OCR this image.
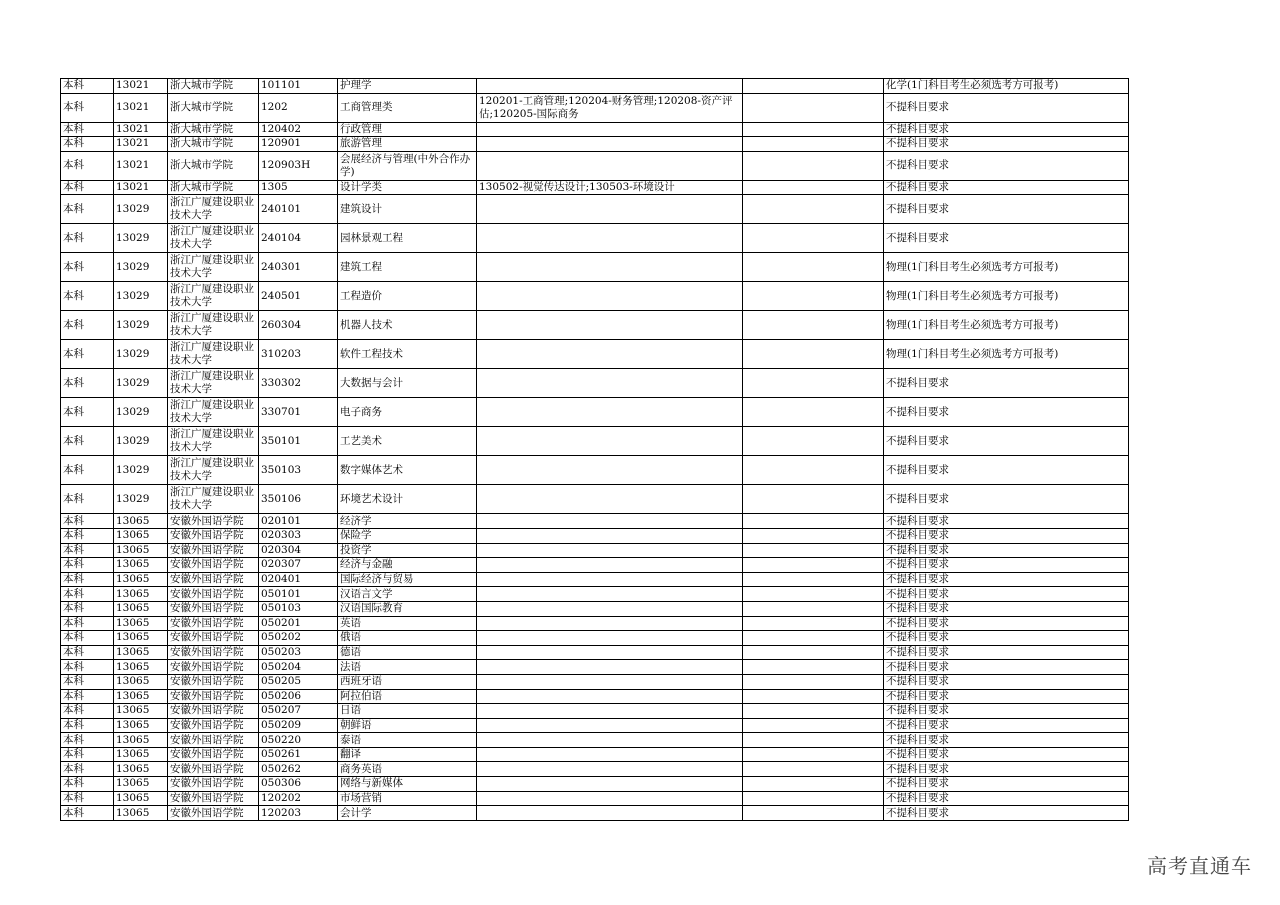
本科	13021	浙大城市学院	101101	护理学			化学(1门科目考生必须选考方可报考)
本科	13021	浙大城市学院	1202	工商管理类	120201-工商管理;120204-财务管理;120208-资产评估;120205-国际商务		不提科目要求
本科	13021	浙大城市学院	120402	行政管理			不提科目要求
本科	13021	浙大城市学院	120901	旅游管理			不提科目要求
本科	13021	浙大城市学院	120903H	会展经济与管理(中外合作办学)			不提科目要求
本科	13021	浙大城市学院	1305	设计学类	130502-视觉传达设计;130503-环境设计		不提科目要求
本科	13029	浙江广厦建设职业技术大学	240101	建筑设计			不提科目要求
本科	13029	浙江广厦建设职业技术大学	240104	园林景观工程			不提科目要求
本科	13029	浙江广厦建设职业技术大学	240301	建筑工程			物理(1门科目考生必须选考方可报考)
本科	13029	浙江广厦建设职业技术大学	240501	工程造价			物理(1门科目考生必须选考方可报考)
本科	13029	浙江广厦建设职业技术大学	260304	机器人技术			物理(1门科目考生必须选考方可报考)
本科	13029	浙江广厦建设职业技术大学	310203	软件工程技术			物理(1门科目考生必须选考方可报考)
本科	13029	浙江广厦建设职业技术大学	330302	大数据与会计			不提科目要求
本科	13029	浙江广厦建设职业技术大学	330701	电子商务			不提科目要求
本科	13029	浙江广厦建设职业技术大学	350101	工艺美术			不提科目要求
本科	13029	浙江广厦建设职业技术大学	350103	数字媒体艺术			不提科目要求
本科	13029	浙江广厦建设职业技术大学	350106	环境艺术设计			不提科目要求
本科	13065	安徽外国语学院	020101	经济学			不提科目要求
本科	13065	安徽外国语学院	020303	保险学			不提科目要求
本科	13065	安徽外国语学院	020304	投资学			不提科目要求
本科	13065	安徽外国语学院	020307	经济与金融			不提科目要求
本科	13065	安徽外国语学院	020401	国际经济与贸易			不提科目要求
本科	13065	安徽外国语学院	050101	汉语言文学			不提科目要求
本科	13065	安徽外国语学院	050103	汉语国际教育			不提科目要求
本科	13065	安徽外国语学院	050201	英语			不提科目要求
本科	13065	安徽外国语学院	050202	俄语			不提科目要求
本科	13065	安徽外国语学院	050203	德语			不提科目要求
本科	13065	安徽外国语学院	050204	法语			不提科目要求
本科	13065	安徽外国语学院	050205	西班牙语			不提科目要求
本科	13065	安徽外国语学院	050206	阿拉伯语			不提科目要求
本科	13065	安徽外国语学院	050207	日语			不提科目要求
本科	13065	安徽外国语学院	050209	朝鲜语			不提科目要求
本科	13065	安徽外国语学院	050220	泰语			不提科目要求
本科	13065	安徽外国语学院	050261	翻译			不提科目要求
本科	13065	安徽外国语学院	050262	商务英语			不提科目要求
本科	13065	安徽外国语学院	050306	网络与新媒体			不提科目要求
本科	13065	安徽外国语学院	120202	市场营销			不提科目要求
本科	13065	安徽外国语学院	120203	会计学			不提科目要求
高考直通车
